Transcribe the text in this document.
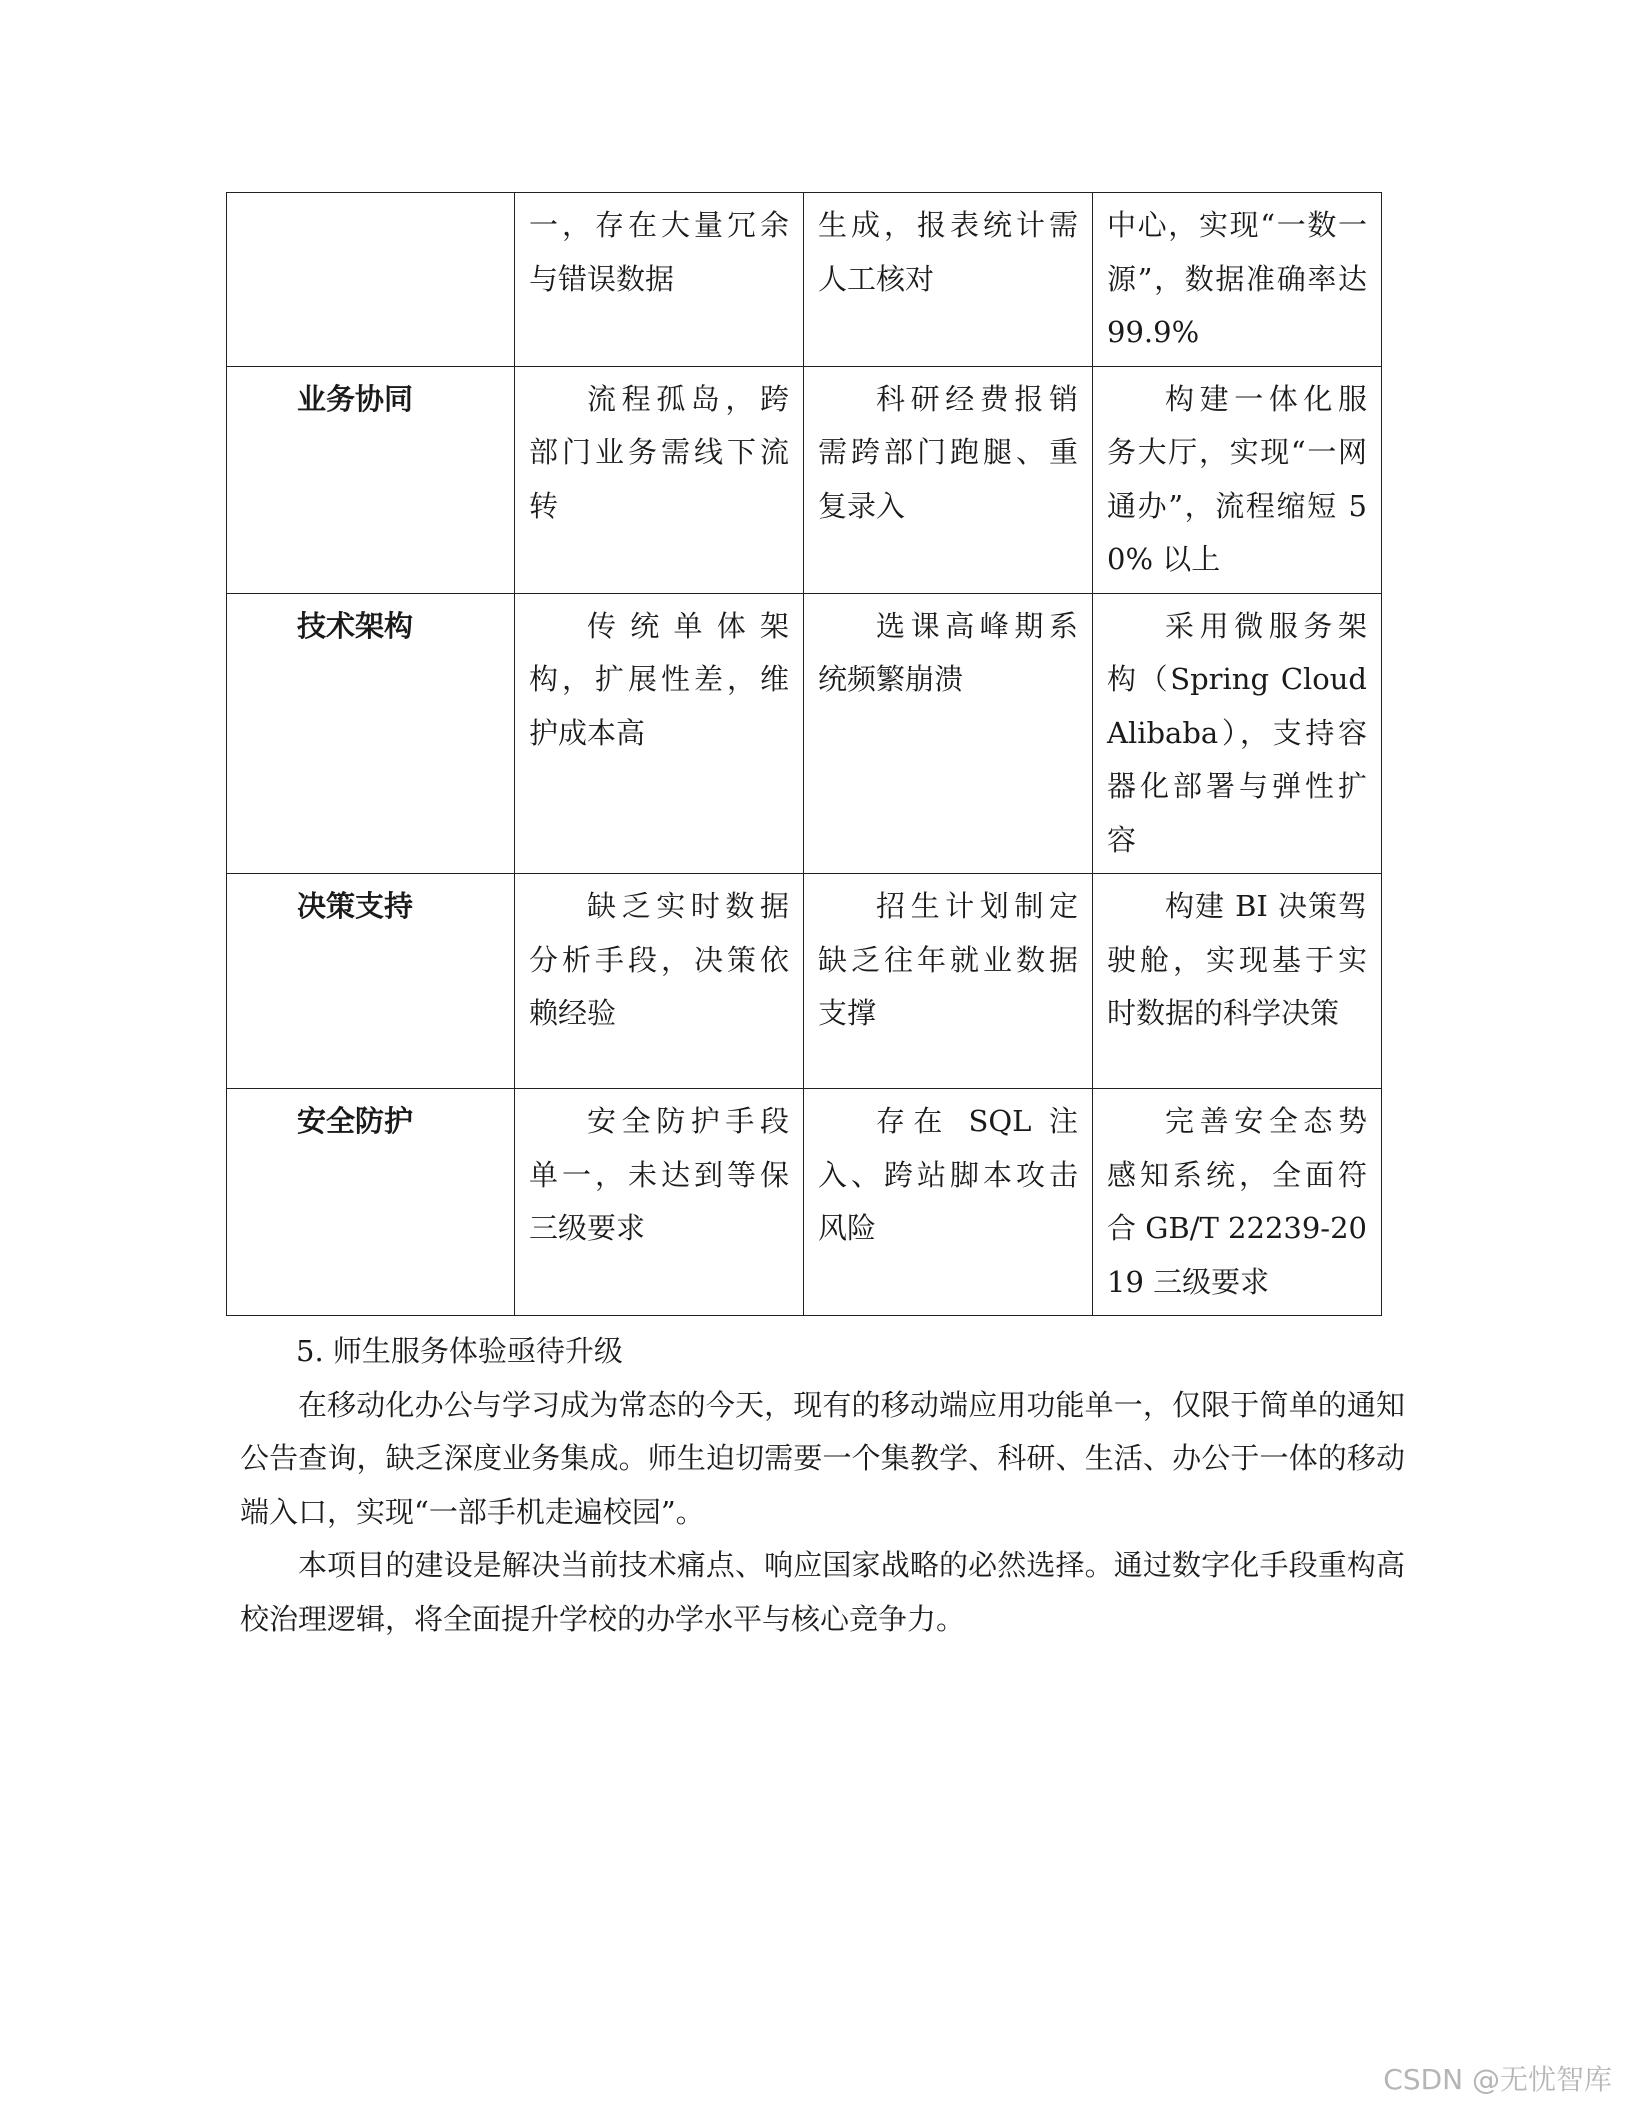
	一，存在大量冗余与错误数据	生成，报表统计需人工核对	中心，实现“一数一源”，数据准确率达 99.9%
业务协同	流程孤岛，跨部门业务需线下流转	科研经费报销需跨部门跑腿、重复录入	构建一体化服务大厅，实现“一网通办”，流程缩短 50% 以上
技术架构	传统单体架构，扩展性差，维护成本高	选课高峰期系统频繁崩溃	采用微服务架构（Spring Cloud Alibaba），支持容器化部署与弹性扩容
决策支持	缺乏实时数据分析手段，决策依赖经验	招生计划制定缺乏往年就业数据支撑	构建 BI 决策驾驶舱，实现基于实时数据的科学决策
安全防护	安全防护手段单一，未达到等保三级要求	存在 SQL 注入、跨站脚本攻击风险	完善安全态势感知系统，全面符合 GB/T 22239-2019 三级要求
5. 师生服务体验亟待升级

在移动化办公与学习成为常态的今天，现有的移动端应用功能单一，仅限于简单的通知公告查询，缺乏深度业务集成。师生迫切需要一个集教学、科研、生活、办公于一体的移动端入口，实现“一部手机走遍校园”。

本项目的建设是解决当前技术痛点、响应国家战略的必然选择。通过数字化手段重构高校治理逻辑，将全面提升学校的办学水平与核心竞争力。

CSDN @无忧智库
